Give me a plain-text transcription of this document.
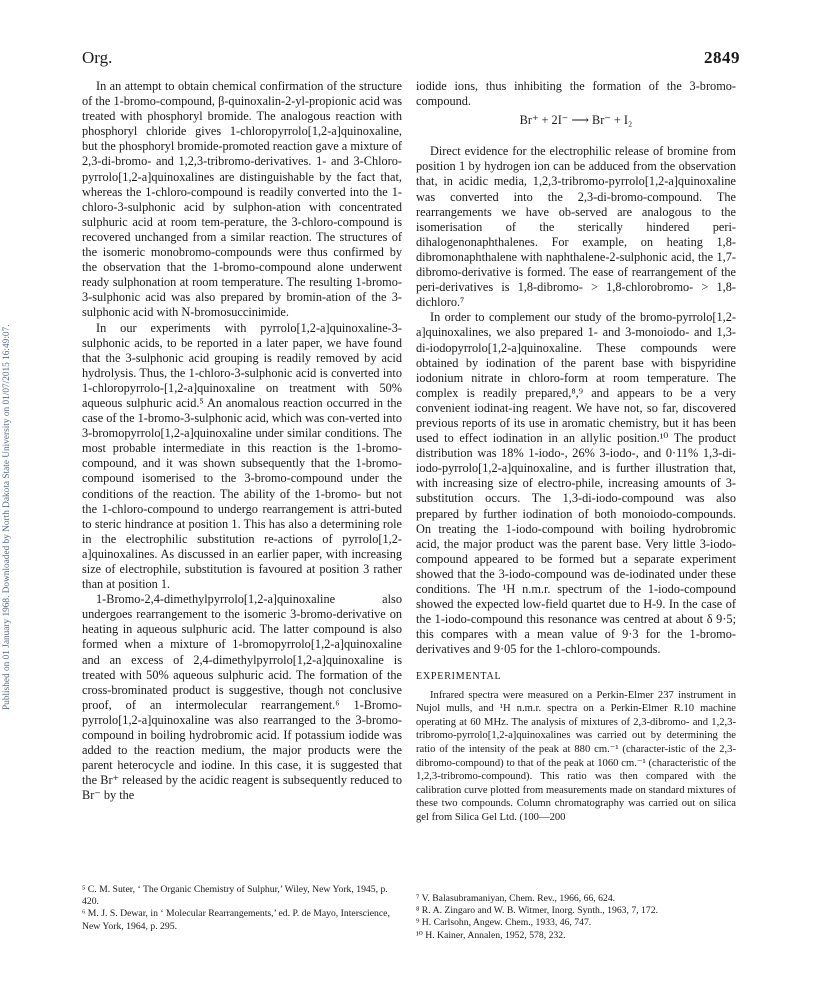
Published on 01 January 1968. Downloaded by North Dakota State University on 01/07/2015 16:49:07.
Org.	2849

In an attempt to obtain chemical confirmation of the structure of the 1-bromo-compound, β-quinoxalin-2-yl-propionic acid was treated with phosphoryl bromide. The analogous reaction with phosphoryl chloride gives 1-chloropyrrolo[1,2-a]quinoxaline, but the phosphoryl bromide-promoted reaction gave a mixture of 2,3-di-bromo- and 1,2,3-tribromo-derivatives. 1- and 3-Chloro-pyrrolo[1,2-a]quinoxalines are distinguishable by the fact that, whereas the 1-chloro-compound is readily converted into the 1-chloro-3-sulphonic acid by sulphon-ation with concentrated sulphuric acid at room tem-perature, the 3-chloro-compound is recovered unchanged from a similar reaction. The structures of the isomeric monobromo-compounds were thus confirmed by the observation that the 1-bromo-compound alone underwent ready sulphonation at room temperature. The resulting 1-bromo-3-sulphonic acid was also prepared by bromin-ation of the 3-sulphonic acid with N-bromosuccinimide.

In our experiments with pyrrolo[1,2-a]quinoxaline-3-sulphonic acids, to be reported in a later paper, we have found that the 3-sulphonic acid grouping is readily removed by acid hydrolysis. Thus, the 1-chloro-3-sulphonic acid is converted into 1-chloropyrrolo-[1,2-a]quinoxaline on treatment with 50% aqueous sulphuric acid.⁵ An anomalous reaction occurred in the case of the 1-bromo-3-sulphonic acid, which was con-verted into 3-bromopyrrolo[1,2-a]quinoxaline under similar conditions. The most probable intermediate in this reaction is the 1-bromo-compound, and it was shown subsequently that the 1-bromo-compound isomerised to the 3-bromo-compound under the conditions of the reaction. The ability of the 1-bromo- but not the 1-chloro-compound to undergo rearrangement is attri-buted to steric hindrance at position 1. This has also a determining role in the electrophilic substitution re-actions of pyrrolo[1,2-a]quinoxalines. As discussed in an earlier paper, with increasing size of electrophile, substitution is favoured at position 3 rather than at position 1.

1-Bromo-2,4-dimethylpyrrolo[1,2-a]quinoxaline also undergoes rearrangement to the isomeric 3-bromo-derivative on heating in aqueous sulphuric acid. The latter compound is also formed when a mixture of 1-bromopyrrolo[1,2-a]quinoxaline and an excess of 2,4-dimethylpyrrolo[1,2-a]quinoxaline is treated with 50% aqueous sulphuric acid. The formation of the cross-brominated product is suggestive, though not conclusive proof, of an intermolecular rearrangement.⁶ 1-Bromo-pyrrolo[1,2-a]quinoxaline was also rearranged to the 3-bromo-compound in boiling hydrobromic acid. If potassium iodide was added to the reaction medium, the major products were the parent heterocycle and iodine. In this case, it is suggested that the Br⁺ released by the acidic reagent is subsequently reduced to Br⁻ by the

iodide ions, thus inhibiting the formation of the 3-bromo-compound.

Br⁺ + 2I⁻ ⟶ Br⁻ + I₂

Direct evidence for the electrophilic release of bromine from position 1 by hydrogen ion can be adduced from the observation that, in acidic media, 1,2,3-tribromo-pyrrolo[1,2-a]quinoxaline was converted into the 2,3-di-bromo-compound. The rearrangements we have ob-served are analogous to the isomerisation of the sterically hindered peri-dihalogenonaphthalenes. For example, on heating 1,8-dibromonaphthalene with naphthalene-2-sulphonic acid, the 1,7-dibromo-derivative is formed. The ease of rearrangement of the peri-derivatives is 1,8-dibromo- > 1,8-chlorobromo- > 1,8-dichloro.⁷

In order to complement our study of the bromo-pyrrolo[1,2-a]quinoxalines, we also prepared 1- and 3-monoiodo- and 1,3-di-iodopyrrolo[1,2-a]quinoxaline. These compounds were obtained by iodination of the parent base with bispyridine iodonium nitrate in chloro-form at room temperature. The complex is readily prepared,⁸,⁹ and appears to be a very convenient iodinat-ing reagent. We have not, so far, discovered previous reports of its use in aromatic chemistry, but it has been used to effect iodination in an allylic position.¹⁰ The product distribution was 18% 1-iodo-, 26% 3-iodo-, and 0·11% 1,3-di-iodo-pyrrolo[1,2-a]quinoxaline, and is further illustration that, with increasing size of electro-phile, increasing amounts of 3-substitution occurs. The 1,3-di-iodo-compound was also prepared by further iodination of both monoiodo-compounds. On treating the 1-iodo-compound with boiling hydrobromic acid, the major product was the parent base. Very little 3-iodo-compound appeared to be formed but a separate experiment showed that the 3-iodo-compound was de-iodinated under these conditions. The ¹H n.m.r. spectrum of the 1-iodo-compound showed the expected low-field quartet due to H-9. In the case of the 1-iodo-compound this resonance was centred at about δ 9·5; this compares with a mean value of 9·3 for the 1-bromo-derivatives and 9·05 for the 1-chloro-compounds.

EXPERIMENTAL

Infrared spectra were measured on a Perkin-Elmer 237 instrument in Nujol mulls, and ¹H n.m.r. spectra on a Perkin-Elmer R.10 machine operating at 60 MHz. The analysis of mixtures of 2,3-dibromo- and 1,2,3-tribromo-pyrrolo[1,2-a]quinoxalines was carried out by determining the ratio of the intensity of the peak at 880 cm.⁻¹ (character-istic of the 2,3-dibromo-compound) to that of the peak at 1060 cm.⁻¹ (characteristic of the 1,2,3-tribromo-compound). This ratio was then compared with the calibration curve plotted from measurements made on standard mixtures of these two compounds. Column chromatography was carried out on silica gel from Silica Gel Ltd. (100—200

⁵ C. M. Suter, ‘ The Organic Chemistry of Sulphur,’ Wiley, New York, 1945, p. 420.
⁶ M. J. S. Dewar, in ‘ Molecular Rearrangements,’ ed. P. de Mayo, Interscience, New York, 1964, p. 295.
⁷ V. Balasubramaniyan, Chem. Rev., 1966, 66, 624.
⁸ R. A. Zingaro and W. B. Witmer, Inorg. Synth., 1963, 7, 172.
⁹ H. Carlsohn, Angew. Chem., 1933, 46, 747.
¹⁰ H. Kainer, Annalen, 1952, 578, 232.
